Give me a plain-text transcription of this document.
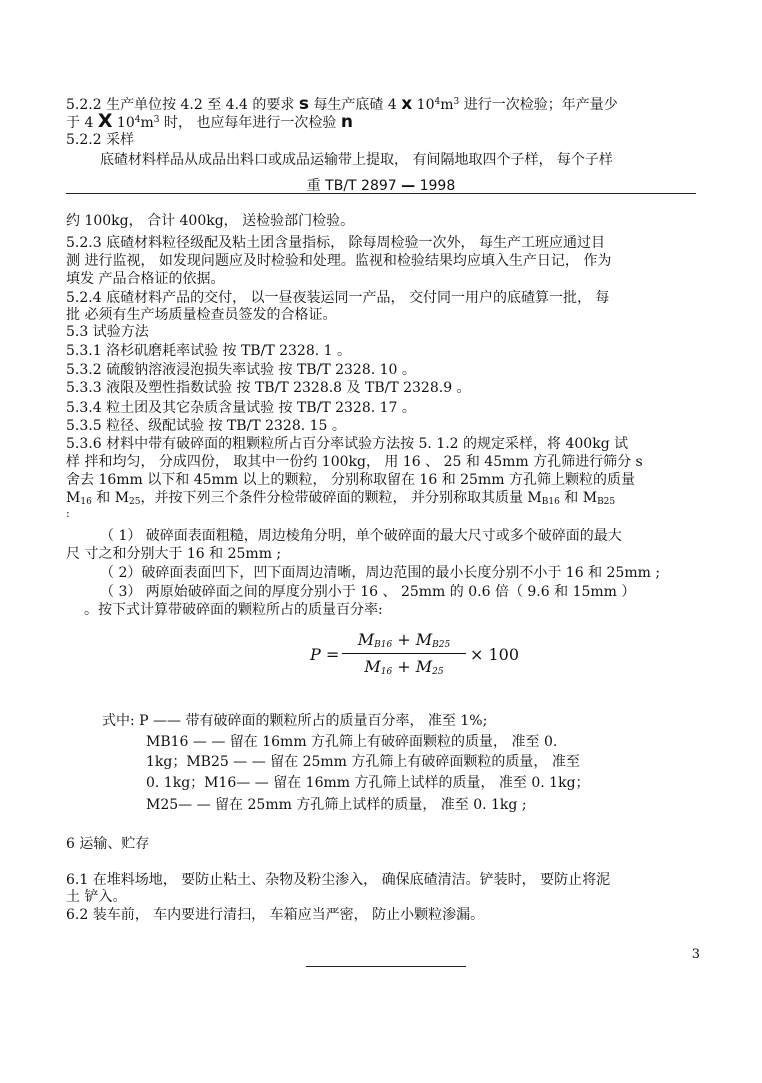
5.2.2 生产单位按 4.2 至 4.4 的要求 s 每生产底碴 4 x $10^4m^3$ 进行一次检验；年产量少
于 4 X $10^4m^3$ 时， 也应每年进行一次检验 n
5.2.2 采样
底碴材料样品从成品出料口或成品运输带上提取， 有间隔地取四个子样， 每个子样
重 TB/T 2897 — 1998
约 100kg， 合计 400kg， 送检验部门检验。
5.2.3 底碴材料粒径级配及粘土团含量指标， 除每周检验一次外， 每生产工班应通过目
测 进行监视， 如发现问题应及时检验和处理。监视和检验结果均应填入生产日记， 作为
填发 产品合格证的依据。
5.2.4 底碴材料产品的交付， 以一昼夜装运同一产品， 交付同一用户的底碴算一批， 每
批 必须有生产场质量检查员签发的合格证。
5.3 试验方法
5.3.1 洛杉矶磨耗率试验 按 TB/T 2328. 1 。
5.3.2 硫酸钠溶液浸泡损失率试验 按 TB/T 2328. 10 。
5.3.3 液限及塑性指数试验 按 TB/T 2328.8 及 TB/T 2328.9 。
5.3.4 粒土团及其它杂质含量试验 按 TB/T 2328. 17 。
5.3.5 粒径、级配试验 按 TB/T 2328. 15 。
5.3.6 材料中带有破碎面的粗颗粒所占百分率试验方法按 5. 1.2 的规定采样，将 400kg 试
样 拌和均匀， 分成四份， 取其中一份约 100kg， 用 16 、 25 和 45mm 方孔筛进行筛分 s
舍去 16mm 以下和 45mm 以上的颗粒， 分别称取留在 16 和 25mm 方孔筛上颗粒的质量
$M_{16}$ 和 $M_{25}$，并按下列三个条件分检带破碎面的颗粒， 并分别称取其质量 $M_{B16}$ 和 $M_{B25}$
:
（ 1） 破碎面表面粗糙，周边棱角分明，单个破碎面的最大尺寸或多个破碎面的最大
尺 寸之和分别大于 16 和 25mm ;
（ 2）破碎面表面凹下，凹下面周边清晰，周边范围的最小长度分别不小于 16 和 25mm ;
（ 3） 两原始破碎面之间的厚度分别小于 16 、 25mm 的 0.6 倍（ 9.6 和 15mm ）
。按下式计算带破碎面的颗粒所占的质量百分率:
P =
$M_{B16} + M_{B25}$
$M_{16} + M_{25}$
× 100
式中: P —— 带有破碎面的颗粒所占的质量百分率， 准至 1%;
MB16 — — 留在 16mm 方孔筛上有破碎面颗粒的质量， 准至 0.
1kg；MB25 — — 留在 25mm 方孔筛上有破碎面颗粒的质量， 准至
0. 1kg；M16— — 留在 16mm 方孔筛上试样的质量， 准至 0. 1kg；
M25— — 留在 25mm 方孔筛上试样的质量， 准至 0. 1kg ;
6 运输、贮存
6.1 在堆料场地， 要防止粘土、杂物及粉尘渗入， 确保底碴清洁。铲装时， 要防止将泥
土 铲入。
6.2 装车前， 车内要进行清扫， 车箱应当严密， 防止小颗粒渗漏。
3
